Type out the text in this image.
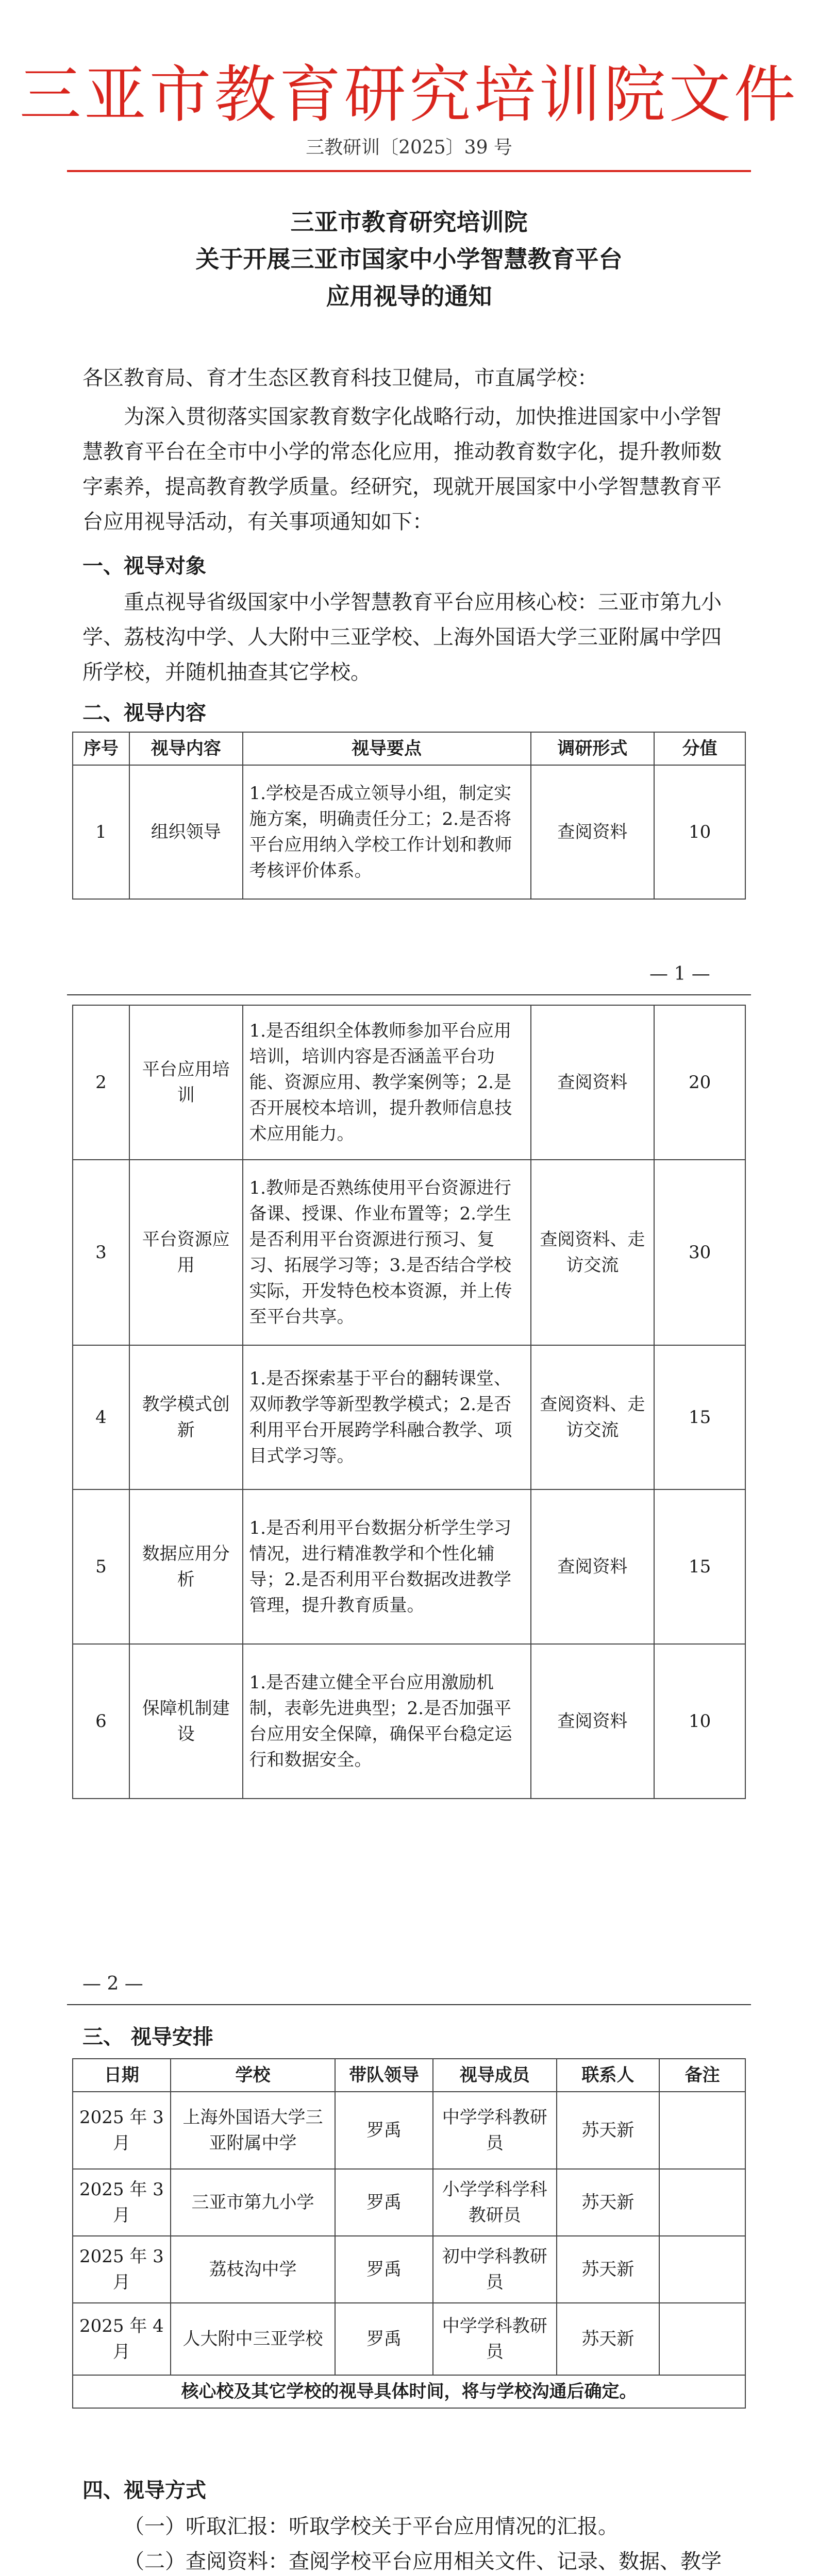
三亚市教育研究培训院文件
三教研训〔2025〕39 号
三亚市教育研究培训院
关于开展三亚市国家中小学智慧教育平台
应用视导的通知
各区教育局、育才生态区教育科技卫健局，市直属学校：
为深入贯彻落实国家教育数字化战略行动，加快推进国家中小学智慧教育平台在全市中小学的常态化应用，推动教育数字化，提升教师数字素养，提高教育教学质量。经研究，现就开展国家中小学智慧教育平台应用视导活动，有关事项通知如下：
一、视导对象
重点视导省级国家中小学智慧教育平台应用核心校：三亚市第九小学、荔枝沟中学、人大附中三亚学校、上海外国语大学三亚附属中学四所学校，并随机抽查其它学校。
二、视导内容
序号	视导内容	视导要点	调研形式	分值
1	组织领导	1.学校是否成立领导小组，制定实施方案，明确责任分工；2.是否将平台应用纳入学校工作计划和教师考核评价体系。	查阅资料	10
— 1 —
2	平台应用培训	1.是否组织全体教师参加平台应用培训，培训内容是否涵盖平台功能、资源应用、教学案例等；2.是否开展校本培训，提升教师信息技术应用能力。	查阅资料	20
3	平台资源应用	1.教师是否熟练使用平台资源进行备课、授课、作业布置等；2.学生是否利用平台资源进行预习、复习、拓展学习等；3.是否结合学校实际，开发特色校本资源，并上传至平台共享。	查阅资料、走访交流	30
4	教学模式创新	1.是否探索基于平台的翻转课堂、双师教学等新型教学模式；2.是否利用平台开展跨学科融合教学、项目式学习等。	查阅资料、走访交流	15
5	数据应用分析	1.是否利用平台数据分析学生学习情况，进行精准教学和个性化辅导；2.是否利用平台数据改进教学管理，提升教育质量。	查阅资料	15
6	保障机制建设	1.是否建立健全平台应用激励机制，表彰先进典型；2.是否加强平台应用安全保障，确保平台稳定运行和数据安全。	查阅资料	10
— 2 —
三、 视导安排
日期	学校	带队领导	视导成员	联系人	备注
2025 年 3 月	上海外国语大学三亚附属中学	罗禹	中学学科教研员	苏天新	
2025 年 3 月	三亚市第九小学	罗禹	小学学科学科教研员	苏天新	
2025 年 3 月	荔枝沟中学	罗禹	初中学科教研员	苏天新	
2025 年 4 月	人大附中三亚学校	罗禹	中学学科教研员	苏天新	
核心校及其它学校的视导具体时间，将与学校沟通后确定。					
四、视导方式
（一）听取汇报：听取学校关于平台应用情况的汇报。
（二）查阅资料：查阅学校平台应用相关文件、记录、数据、教学
